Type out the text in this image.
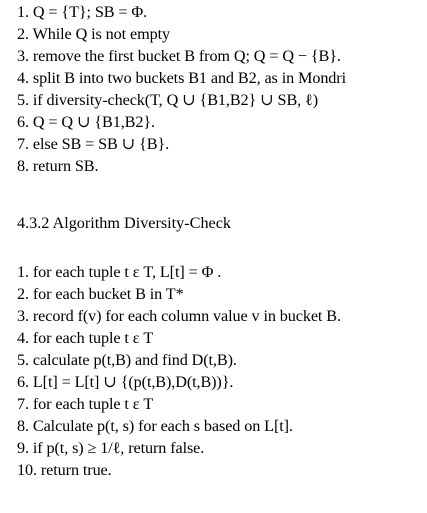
1. Q = {T}; SB = Φ.
2. While Q is not empty
3. remove the first bucket B from Q; Q = Q − {B}.
4. split B into two buckets B1 and B2, as in Mondri
5. if diversity-check(T, Q ∪ {B1,B2} ∪ SB, ℓ)
6. Q = Q ∪ {B1,B2}.
7. else SB = SB ∪ {B}.
8. return SB.
4.3.2 Algorithm Diversity-Check
1. for each tuple t ε T, L[t] = Φ .
2. for each bucket B in T*
3. record f(v) for each column value v in bucket B.
4. for each tuple t ε T
5. calculate p(t,B) and find D(t,B).
6. L[t] = L[t] ∪ {(p(t,B),D(t,B))}.
7. for each tuple t ε T
8. Calculate p(t, s) for each s based on L[t].
9. if p(t, s) ≥ 1/ℓ, return false.
10. return true.
